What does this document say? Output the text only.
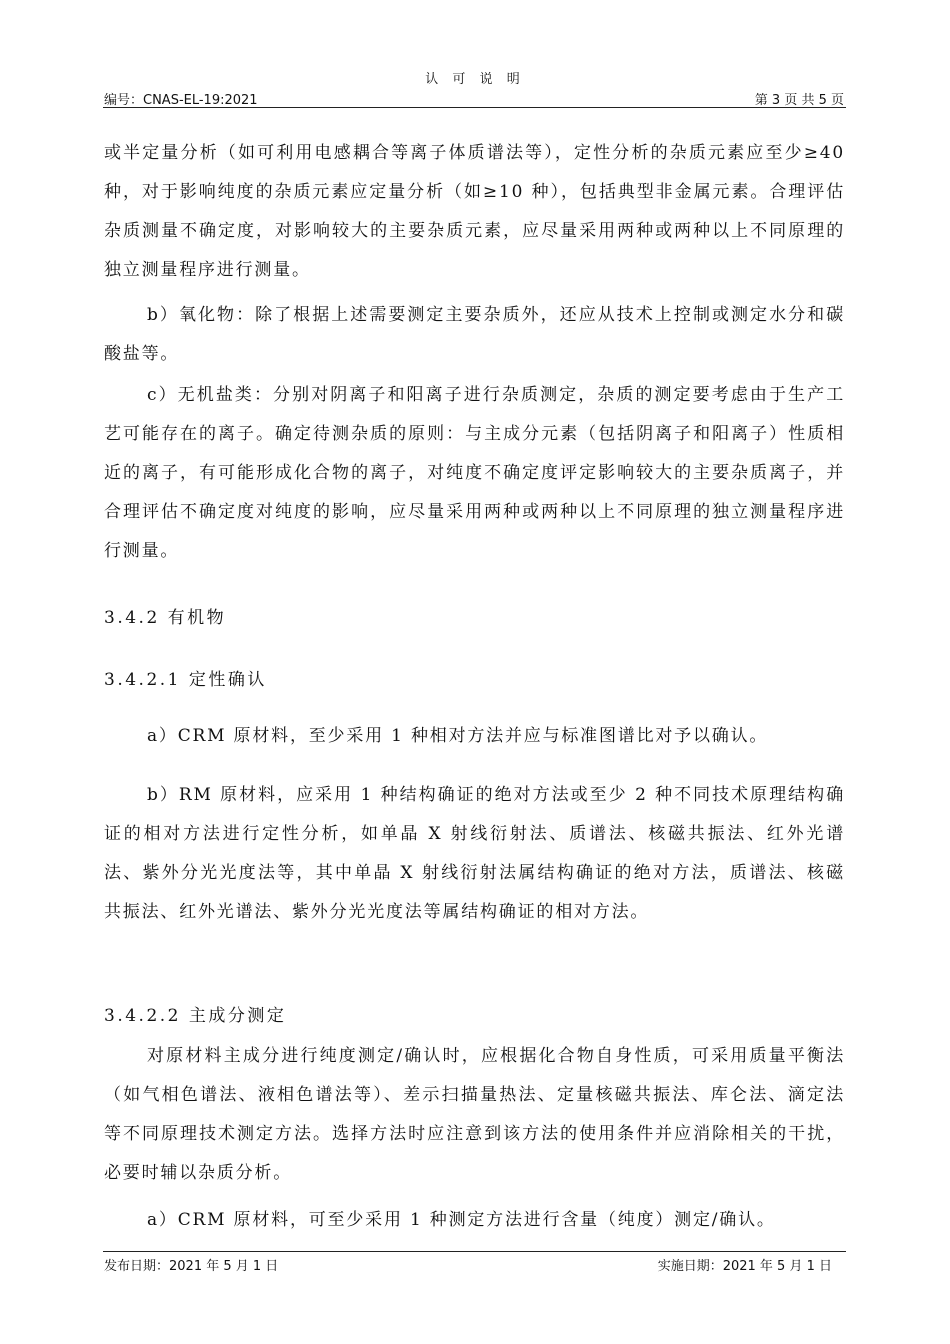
认 可 说 明
编号：CNAS-EL-19:2021	第 3 页 共 5 页
或半定量分析（如可利用电感耦合等离子体质谱法等），定性分析的杂质元素应至少≥40 种，对于影响纯度的杂质元素应定量分析（如≥10 种），包括典型非金属元素。合理评估杂质测量不确定度，对影响较大的主要杂质元素，应尽量采用两种或两种以上不同原理的独立测量程序进行测量。
b）氧化物：除了根据上述需要测定主要杂质外，还应从技术上控制或测定水分和碳酸盐等。
c）无机盐类：分别对阴离子和阳离子进行杂质测定，杂质的测定要考虑由于生产工艺可能存在的离子。确定待测杂质的原则：与主成分元素（包括阴离子和阳离子）性质相近的离子，有可能形成化合物的离子，对纯度不确定度评定影响较大的主要杂质离子，并合理评估不确定度对纯度的影响，应尽量采用两种或两种以上不同原理的独立测量程序进行测量。
3.4.2 有机物
3.4.2.1 定性确认
a）CRM 原材料，至少采用 1 种相对方法并应与标准图谱比对予以确认。
b）RM 原材料，应采用 1 种结构确证的绝对方法或至少 2 种不同技术原理结构确证的相对方法进行定性分析，如单晶 X 射线衍射法、质谱法、核磁共振法、红外光谱法、紫外分光光度法等，其中单晶 X 射线衍射法属结构确证的绝对方法，质谱法、核磁共振法、红外光谱法、紫外分光光度法等属结构确证的相对方法。
3.4.2.2 主成分测定
对原材料主成分进行纯度测定/确认时，应根据化合物自身性质，可采用质量平衡法（如气相色谱法、液相色谱法等）、差示扫描量热法、定量核磁共振法、库仑法、滴定法等不同原理技术测定方法。选择方法时应注意到该方法的使用条件并应消除相关的干扰，必要时辅以杂质分析。
a）CRM 原材料，可至少采用 1 种测定方法进行含量（纯度）测定/确认。
发布日期：2021 年 5 月 1 日	实施日期：2021 年 5 月 1 日
